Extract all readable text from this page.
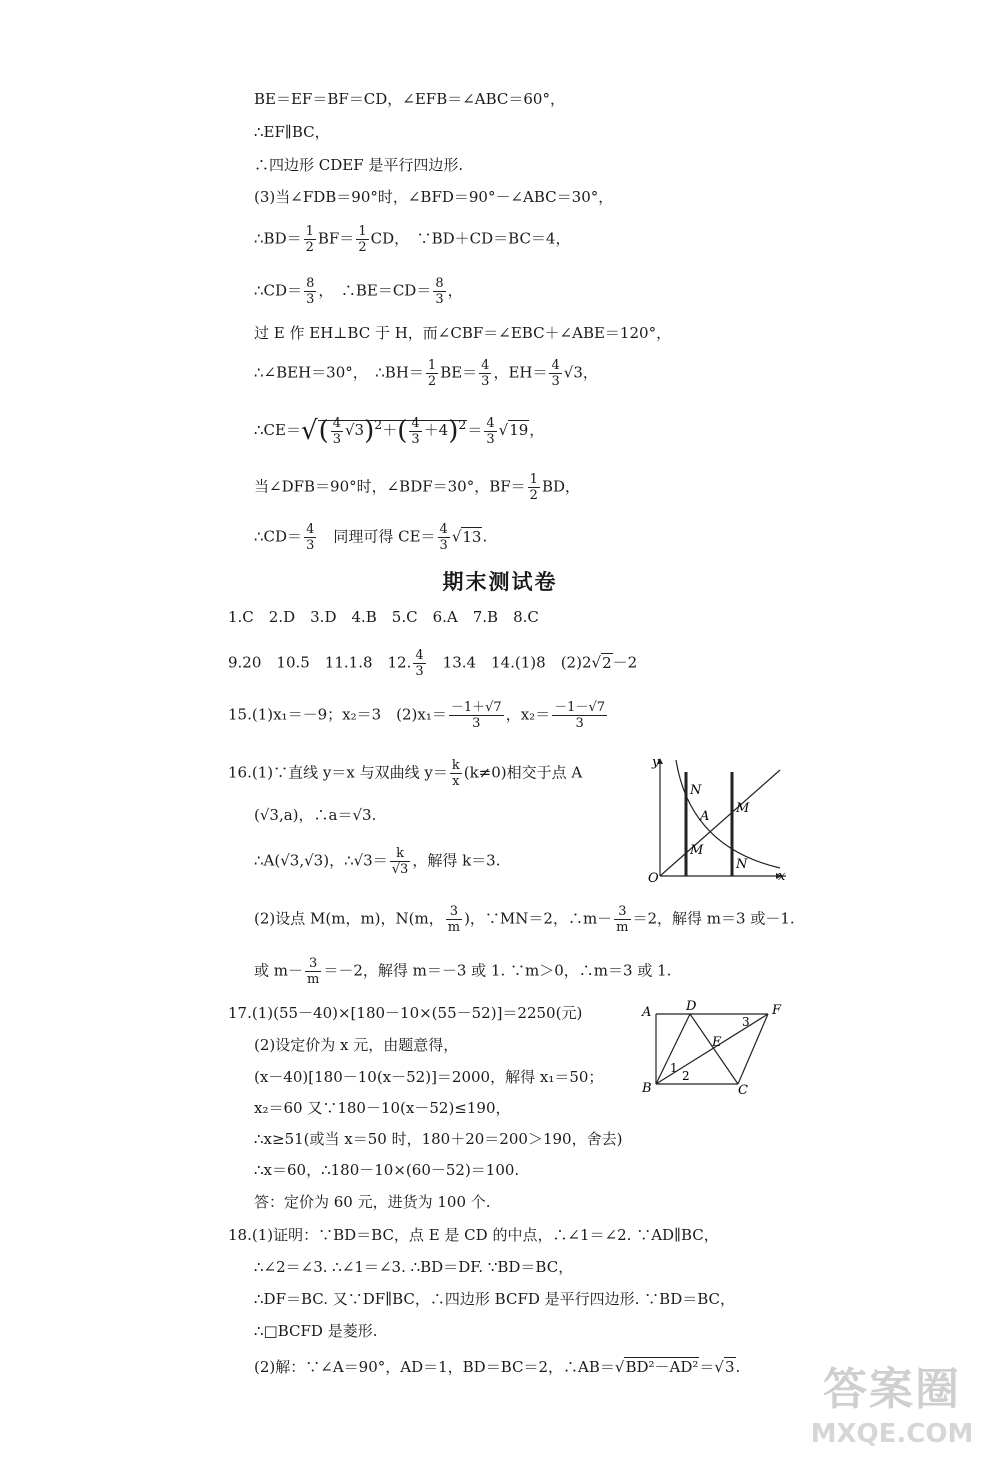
BE＝EF＝BF＝CD，∠EFB＝∠ABC＝60°，
∴EF∥BC，
∴四边形 CDEF 是平行四边形.
(3)当∠FDB＝90°时，∠BFD＝90°－∠ABC＝30°，
∴BD＝ $\frac{1}{2} BF= \frac{1}{2}$ CD，　∵BD＋CD＝BC＝4，
∴CD＝ $\frac{8}{3}$ ，　∴BE＝CD＝ $\frac{8}{3}$ ，
过 E 作 EH⊥BC 于 H，而∠CBF＝∠EBC＋∠ABE＝120°，
∴∠BEH＝30°，　∴BH＝ $\frac{1}{2} BE= \frac{4}{3}$ ，$EH= \frac{4}{3} √3$，
∴CE＝√( $\frac{4}{3} √3)^2+( \frac{4}{3} +4)^2= \frac{4}{3} √19$，
当∠DFB＝90°时，∠BDF＝30°，$BF= \frac{1}{2}$ BD，
∴CD＝ $\frac{4}{3}$ 　同理可得 $CE= \frac{4}{3} √13$.
期末测试卷
1.C　2.D　3.D　4.B　5.C　6.A　7.B　8.C
9.20　10.5　11.1.8　12. $\frac{4}{3}$ 　13.4　14.(1)8　(2)2√2－2
15.(1)x₁＝－9；x₂＝3　$(2)x_1= \frac{-1+√7}{3}$ ，$x_2= \frac{-1-√7}{3}$
16.(1)∵直线 y＝x 与双曲线 $y= \frac{k}{x} (k\ne 0)$相交于点 A
(√3,a)，∴a＝√3.
∴A(√3,√3)，∴√3＝ $\frac{k}{√3}$ ，解得 k＝3.
(2)设点 M(m，m)，N(m， $\frac{3}{m}$ )，∵MN＝2，∴m－ $\frac{3}{m} =2$，解得 m＝3 或－1.
或 $m- \frac{3}{m} =-2$，解得 m＝－3 或 1. ∵m＞0，∴m＝3 或 1.
17.(1)(55－40)×[180－10×(55－52)]＝2250(元)
(2)设定价为 x 元，由题意得，
(x－40)[180－10(x－52)]＝2000，解得 x₁＝50；
x₂＝60 又∵180－10(x－52)≤190，
∴x≥51(或当 x＝50 时，180＋20＝200＞190，舍去)
∴x＝60，∴180－10×(60－52)＝100.
答：定价为 60 元，进货为 100 个.
18.(1)证明：∵BD＝BC，点 E 是 CD 的中点，∴∠1＝∠2. ∵AD∥BC，
∴∠2＝∠3. ∴∠1＝∠3. ∴BD＝DF. ∵BD＝BC，
∴DF＝BC. 又∵DF∥BC，∴四边形 BCFD 是平行四边形. ∵BD＝BC，
∴□BCFD 是菱形.
(2)解：∵∠A＝90°，AD＝1，BD＝BC＝2，∴AB＝√BD²－AD²＝√3.
y
x
O
N
A
M
M
N
A	D	F
E
B	C
1
2
3
答案圈
MXQE.COM
